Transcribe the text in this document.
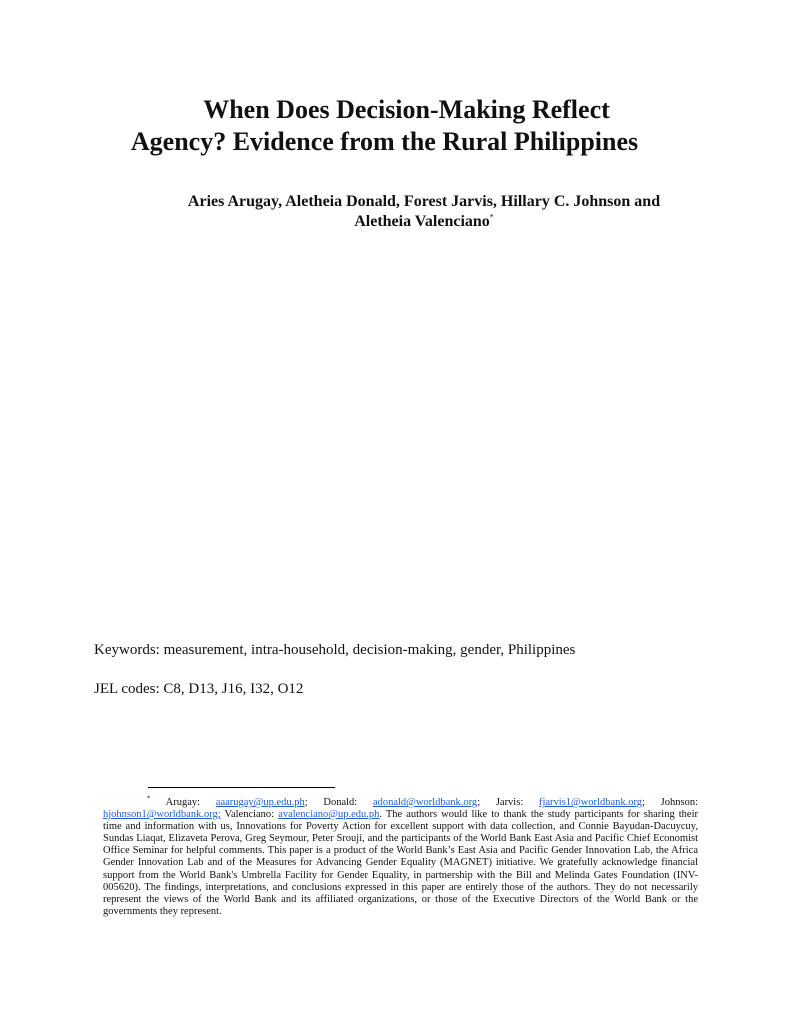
When Does Decision-Making Reflect
Agency? Evidence from the Rural Philippines
Aries Arugay, Aletheia Donald, Forest Jarvis, Hillary C. Johnson and
Aletheia Valenciano*

Keywords: measurement, intra-household, decision-making, gender, Philippines

JEL codes: C8, D13, J16, I32, O12

* Arugay: aaarugay@up.edu.ph; Donald: adonald@worldbank.org; Jarvis: fjarvis1@worldbank.org; Johnson: hjohnson1@worldbank.org; Valenciano: avalenciano@up.edu.ph. The authors would like to thank the study participants for sharing their time and information with us, Innovations for Poverty Action for excellent support with data collection, and Connie Bayudan-Dacuycuy, Sundas Liaqat, Elizaveta Perova, Greg Seymour, Peter Srouji, and the participants of the World Bank East Asia and Pacific Chief Economist Office Seminar for helpful comments. This paper is a product of the World Bank’s East Asia and Pacific Gender Innovation Lab, the Africa Gender Innovation Lab and of the Measures for Advancing Gender Equality (MAGNET) initiative. We gratefully acknowledge financial support from the World Bank's Umbrella Facility for Gender Equality, in partnership with the Bill and Melinda Gates Foundation (INV-005620). The findings, interpretations, and conclusions expressed in this paper are entirely those of the authors. They do not necessarily represent the views of the World Bank and its affiliated organizations, or those of the Executive Directors of the World Bank or the governments they represent.
